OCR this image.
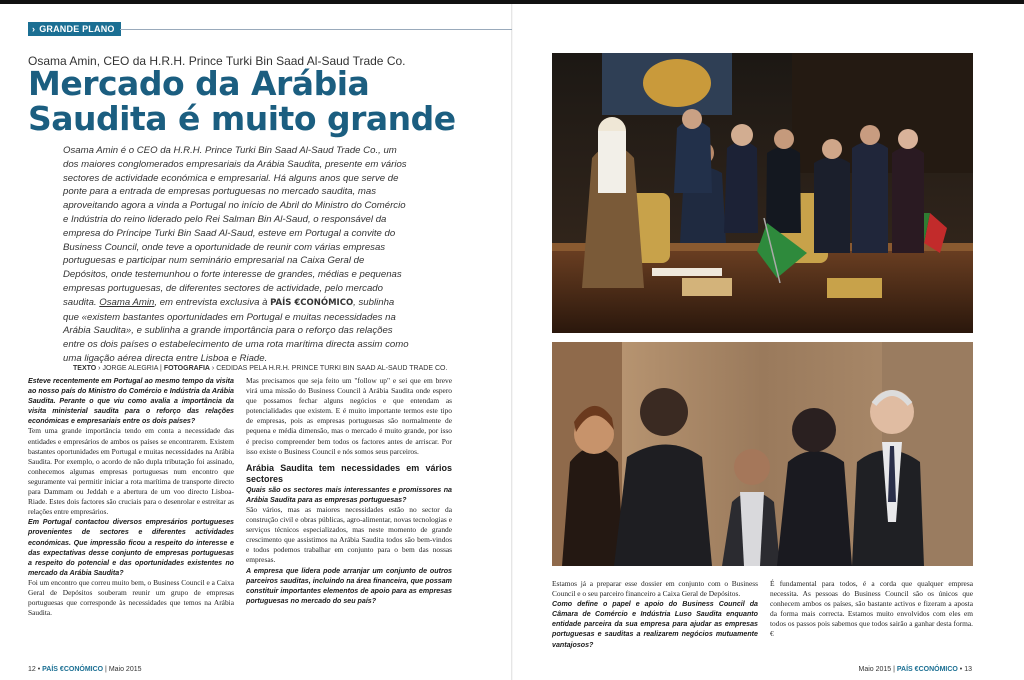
› GRANDE PLANO
Osama Amin, CEO da H.R.H. Prince Turki Bin Saad Al-Saud Trade Co.
Mercado da Arábia
Saudita é muito grande
Osama Amin é o CEO da H.R.H. Prince Turki Bin Saad Al-Saud Trade Co., um dos maiores conglomerados empresariais da Arábia Saudita, presente em vários sectores de actividade económica e empresarial. Há alguns anos que serve de ponte para a entrada de empresas portuguesas no mercado saudita, mas aproveitando agora a vinda a Portugal no início de Abril do Ministro do Comércio e Indústria do reino liderado pelo Rei Salman Bin Al-Saud, o responsável da empresa do Príncipe Turki Bin Saad Al-Saud, esteve em Portugal a convite do Business Council, onde teve a oportunidade de reunir com várias empresas portuguesas e participar num seminário empresarial na Caixa Geral de Depósitos, onde testemunhou o forte interesse de grandes, médias e pequenas empresas portuguesas, de diferentes sectores de actividade, pelo mercado saudita. Osama Amin, em entrevista exclusiva à PAÍS €CONÓMICO, sublinha que «existem bastantes oportunidades em Portugal e muitas necessidades na Arábia Saudita», e sublinha a grande importância para o reforço das relações entre os dois países o estabelecimento de uma rota marítima directa assim como uma ligação aérea directa entre Lisboa e Riade.
TEXTO › JORGE ALEGRIA | FOTOGRAFIA › CEDIDAS PELA H.R.H. PRINCE TURKI BIN SAAD AL-SAUD TRADE CO.

Esteve recentemente em Portugal ao mesmo tempo da visita ao nosso país do Ministro do Comércio e Indústria da Arábia Saudita. Perante o que viu como avalia a importância da visita ministerial saudita para o reforço das relações económicas e empresariais entre os dois países?

Tem uma grande importância tendo em conta a necessidade das entidades e empresários de ambos os países se encontrarem. Existem bastantes oportunidades em Portugal e muitas necessidades na Arábia Saudita. Por exemplo, o acordo de não dupla tributação foi assinado, conhecemos algumas empresas portuguesas num encontro que seguramente vai permitir iniciar a rota marítima de transporte directo para Dammam ou Jeddah e a abertura de um voo directo Lisboa-Riade. Estes dois factores são cruciais para o desenrolar e estreitar as relações entre empresários.

Em Portugal contactou diversos empresários portugueses provenientes de sectores e diferentes actividades económicas. Que impressão ficou a respeito do interesse e das expectativas desse conjunto de empresas portuguesas a respeito do potencial e das oportunidades existentes no mercado da Arábia Saudita?

Foi um encontro que correu muito bem, o Business Council e a Caixa Geral de Depósitos souberam reunir um grupo de empresas portuguesas que corresponde às necessidades que temos na Arábia Saudita.

Mas precisamos que seja feito um "follow up" e sei que em breve virá uma missão do Business Council à Arábia Saudita onde espero que possamos fechar alguns negócios e que entendam as potencialidades que existem. E é muito importante termos este tipo de empresas, pois as empresas portuguesas são normalmente de pequena e média dimensão, mas o mercado é muito grande, por isso é preciso compreender bem todos os factores antes de arriscar. Por isso existe o Business Council e nós somos seus parceiros.

Arábia Saudita tem necessidades em vários sectores

Quais são os sectores mais interessantes e promissores na Arábia Saudita para as empresas portuguesas?

São vários, mas as maiores necessidades estão no sector da construção civil e obras públicas, agro-alimentar, novas tecnologias e serviços técnicos especializados, mas neste momento de grande crescimento que assistimos na Arábia Saudita todos são bem-vindos e todos podemos trabalhar em conjunto para o bem das nossas empresas.

A empresa que lidera pode arranjar um conjunto de outros parceiros sauditas, incluindo na área financeira, que possam constituir importantes elementos de apoio para as empresas portuguesas no mercado do seu país?

12 • PAÍS €CONÓMICO | Maio 2015

Estamos já a preparar esse dossier em conjunto com o Business Council e o seu parceiro financeiro a Caixa Geral de Depósitos.

Como define o papel e apoio do Business Council da Câmara de Comércio e Indústria Luso Saudita enquanto entidade parceira da sua empresa para ajudar as empresas portuguesas e sauditas a realizarem negócios mutuamente vantajosos?

É fundamental para todos, é a corda que qualquer empresa necessita. As pessoas do Business Council são os únicos que conhecem ambos os países, são bastante activos e fizeram a aposta da forma mais correcta. Estamos muito envolvidos com eles em todos os passos pois sabemos que todos sairão a ganhar desta forma. €

Maio 2015 | PAÍS €CONÓMICO • 13
